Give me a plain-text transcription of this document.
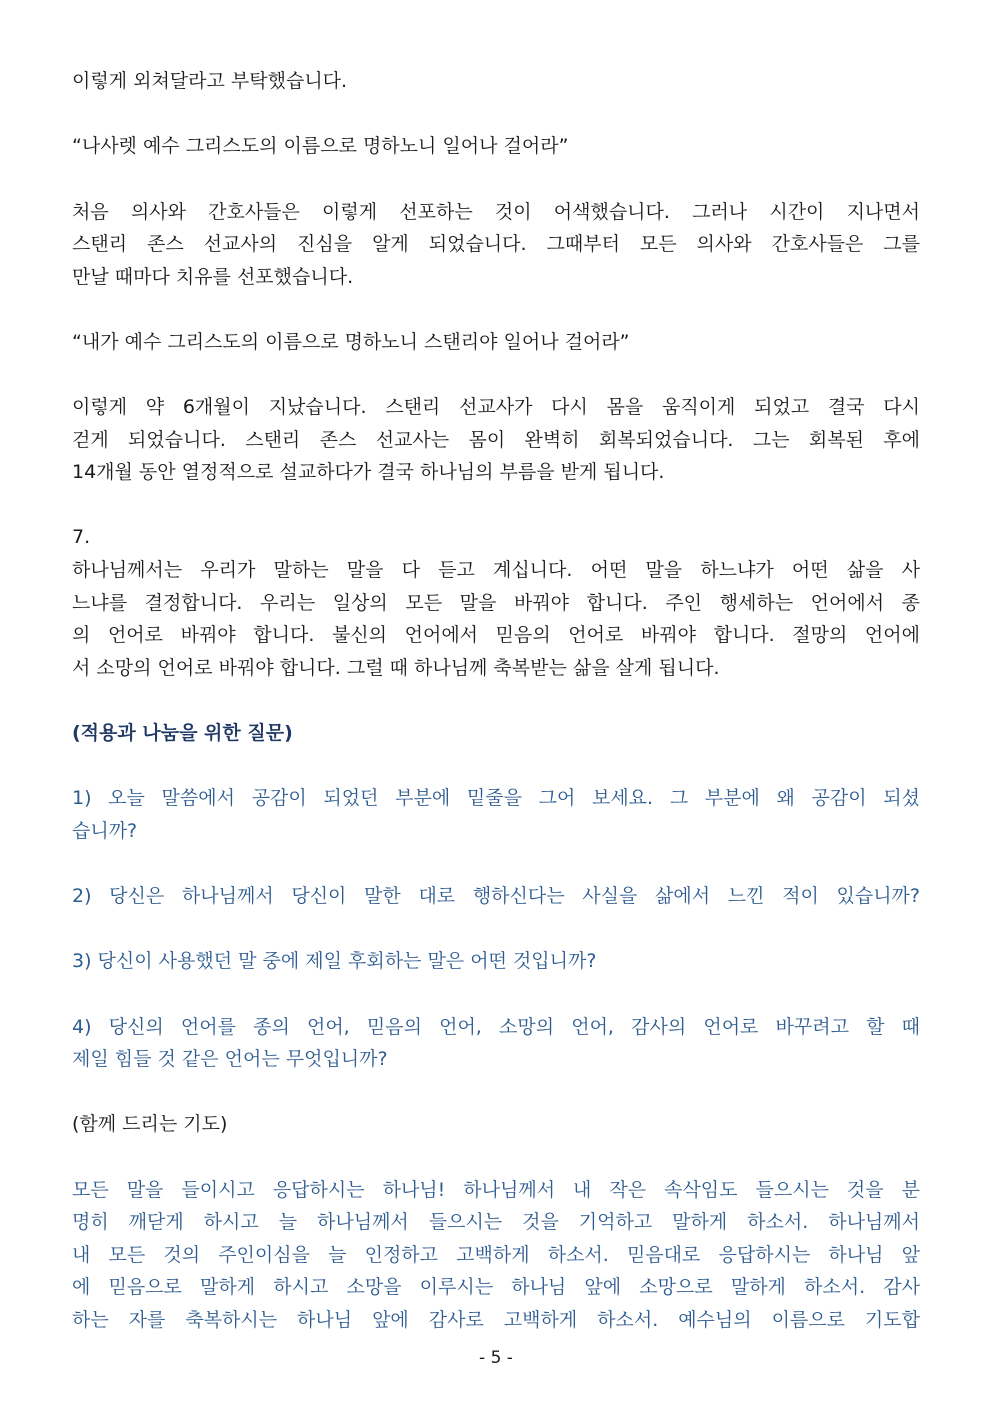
이렇게 외쳐달라고 부탁했습니다.
“나사렛 예수 그리스도의 이름으로 명하노니 일어나 걸어라”
처음 의사와 간호사들은 이렇게 선포하는 것이 어색했습니다. 그러나 시간이 지나면서
스탠리 존스 선교사의 진심을 알게 되었습니다. 그때부터 모든 의사와 간호사들은 그를
만날 때마다 치유를 선포했습니다.
“내가 예수 그리스도의 이름으로 명하노니 스탠리야 일어나 걸어라”
이렇게 약 6개월이 지났습니다. 스탠리 선교사가 다시 몸을 움직이게 되었고 결국 다시
걷게 되었습니다. 스탠리 존스 선교사는 몸이 완벽히 회복되었습니다. 그는 회복된 후에
14개월 동안 열정적으로 설교하다가 결국 하나님의 부름을 받게 됩니다.
7.
하나님께서는 우리가 말하는 말을 다 듣고 계십니다. 어떤 말을 하느냐가 어떤 삶을 사
느냐를 결정합니다. 우리는 일상의 모든 말을 바꿔야 합니다. 주인 행세하는 언어에서 종
의 언어로 바꿔야 합니다. 불신의 언어에서 믿음의 언어로 바꿔야 합니다. 절망의 언어에
서 소망의 언어로 바꿔야 합니다. 그럴 때 하나님께 축복받는 삶을 살게 됩니다.
(적용과 나눔을 위한 질문)
1) 오늘 말씀에서 공감이 되었던 부분에 밑줄을 그어 보세요. 그 부분에 왜 공감이 되셨
습니까?
2) 당신은 하나님께서 당신이 말한 대로 행하신다는 사실을 삶에서 느낀 적이 있습니까?
3) 당신이 사용했던 말 중에 제일 후회하는 말은 어떤 것입니까?
4) 당신의 언어를 종의 언어, 믿음의 언어, 소망의 언어, 감사의 언어로 바꾸려고 할 때
제일 힘들 것 같은 언어는 무엇입니까?
(함께 드리는 기도)
모든 말을 들이시고 응답하시는 하나님! 하나님께서 내 작은 속삭임도 들으시는 것을 분
명히 깨닫게 하시고 늘 하나님께서 들으시는 것을 기억하고 말하게 하소서. 하나님께서
내 모든 것의 주인이심을 늘 인정하고 고백하게 하소서. 믿음대로 응답하시는 하나님 앞
에 믿음으로 말하게 하시고 소망을 이루시는 하나님 앞에 소망으로 말하게 하소서. 감사
하는 자를 축복하시는 하나님 앞에 감사로 고백하게 하소서. 예수님의 이름으로 기도합
- 5 -
